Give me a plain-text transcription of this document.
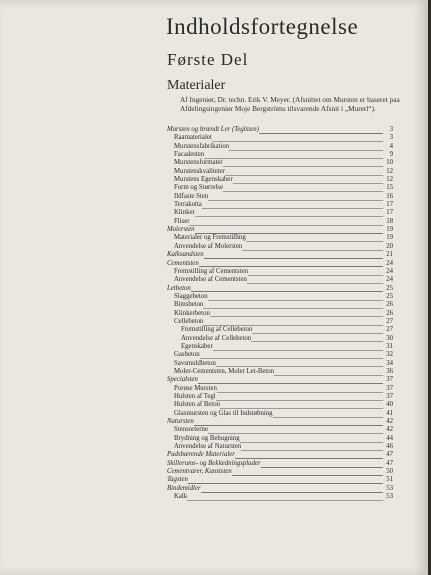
Indholdsfortegnelse
Første Del
Materialer
Af Ingeniør, Dr. techn. Erik V. Meyer. (Afsnittet om Mursten er baseret paa Afdelingsingeniør Moje Bergströms tilsvarende Afsnit i „Murerl“).
Mursten og brændt Ler (Teglsten)	3
Raamaterialet	3
Murstensfabrikation	4
Facadesten	9
Murstensformater	10
Murstenskvaliteter	12
Murstens Egenskaber	12
Form og Størrelse	15
Ildfaste Sten	16
Terrakotta	17
Klinker	17
Fliser	18
Molersten	19
Materialer og Fremstilling	19
Anvendelse af Molersten	20
Kalksandsten	21
Cementsten	24
Fremstilling af Cementsten	24
Anvendelse af Cementsten	24
Letbeton	25
Slaggebeton	25
Bimsbeton	26
Klinkerbeton	26
Cellebeton	27
Fremstilling af Cellebeton	27
Anvendelse af Cellebeton	30
Egenskaber	31
Gasbeton	32
Savsmuldbeton	34
Moler-Cementsten, Moler Let-Beton	36
Specialsten	37
Porøse Mursten	37
Hulsten af Tegl	37
Hulsten af Beton	40
Glasmursten og Glas til Indstøbning	41
Natursten	42
Stensorterne	42
Brydning og Behugning	44
Anvendelse af Natursten	46
Pudsbærende Materialer	47
Skillerums- og Beklædningsplader	47
Cementvarer, Kunststen	50
Tagsten	51
Bindemidler	53
Kalk	53
